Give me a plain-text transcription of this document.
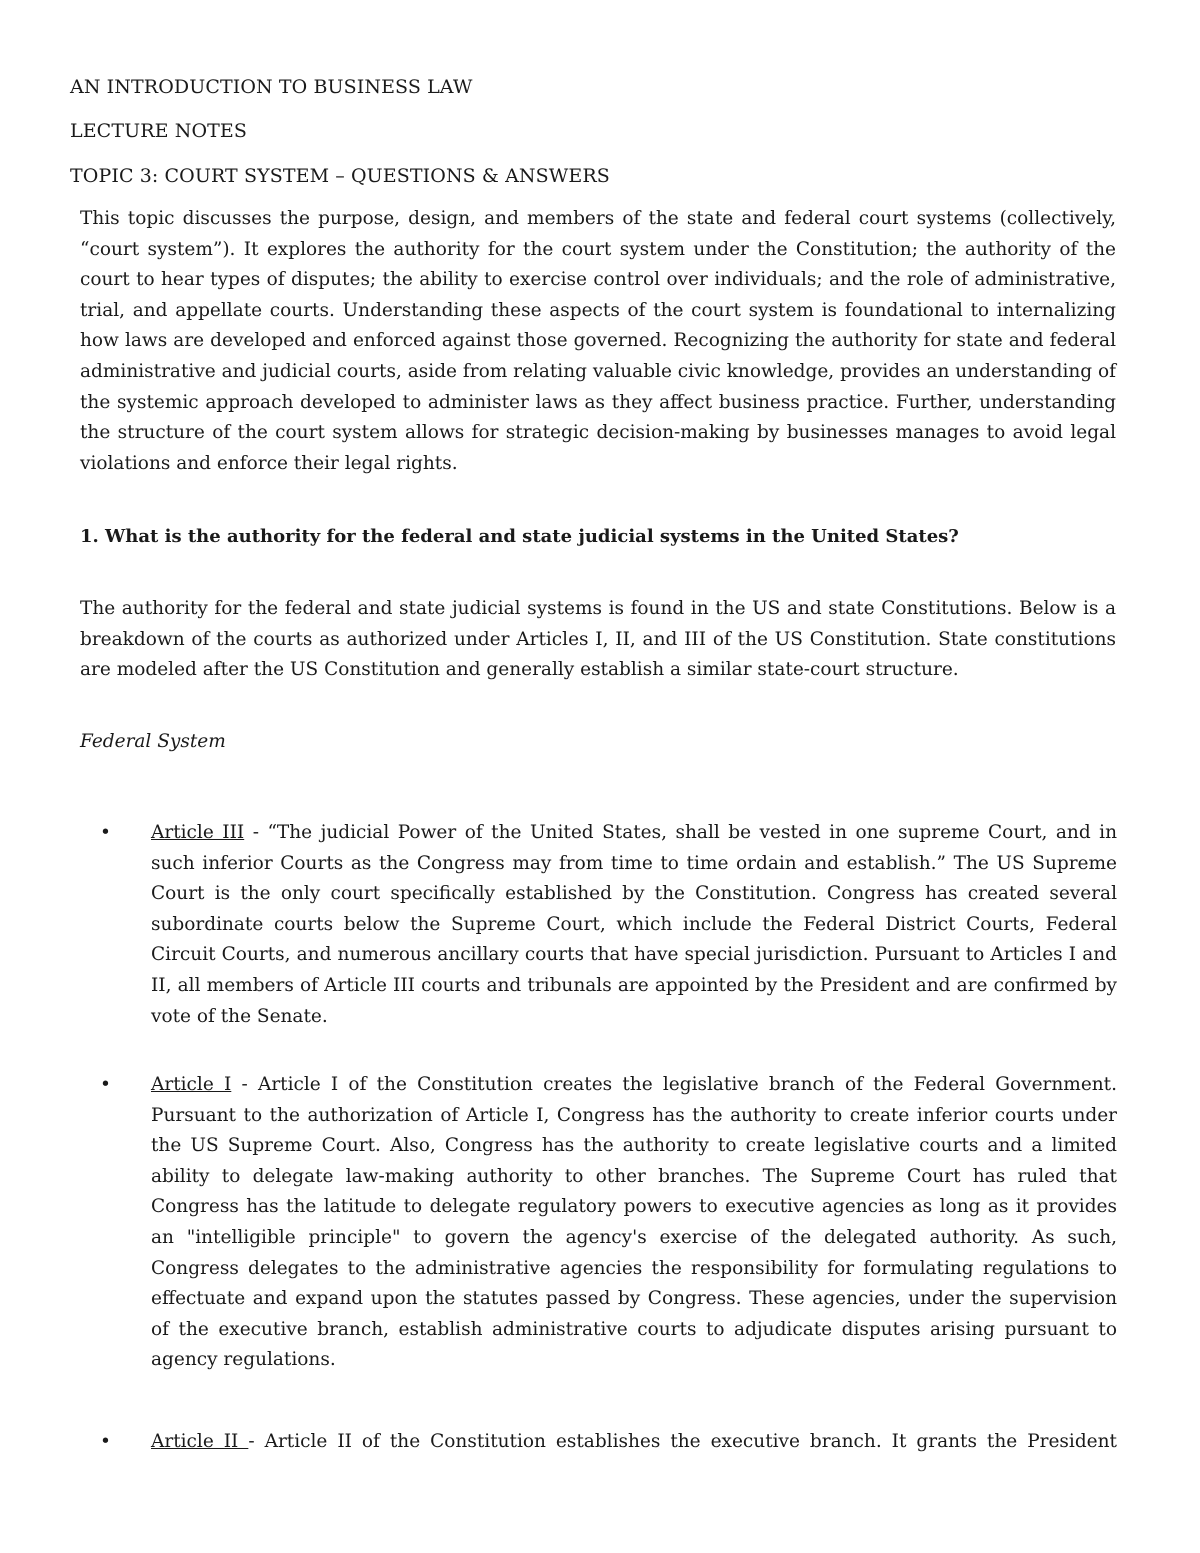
AN INTRODUCTION TO BUSINESS LAW
LECTURE NOTES
TOPIC 3: COURT SYSTEM – QUESTIONS & ANSWERS

This topic discusses the purpose, design, and members of the state and federal court systems (collectively, “court system”). It explores the authority for the court system under the Constitution; the authority of the court to hear types of disputes; the ability to exercise control over individuals; and the role of administrative, trial, and appellate courts. Understanding these aspects of the court system is foundational to internalizing how laws are developed and enforced against those governed. Recognizing the authority for state and federal administrative and judicial courts, aside from relating valuable civic knowledge, provides an understanding of the systemic approach developed to administer laws as they affect business practice. Further, understanding the structure of the court system allows for strategic decision-making by businesses manages to avoid legal violations and enforce their legal rights.

1. What is the authority for the federal and state judicial systems in the United States?

The authority for the federal and state judicial systems is found in the US and state Constitutions. Below is a breakdown of the courts as authorized under Articles I, II, and III of the US Constitution. State constitutions are modeled after the US Constitution and generally establish a similar state-court structure.

Federal System

•	Article III - “The judicial Power of the United States, shall be vested in one supreme Court, and in such inferior Courts as the Congress may from time to time ordain and establish.” The US Supreme Court is the only court specifically established by the Constitution. Congress has created several subordinate courts below the Supreme Court, which include the Federal District Courts, Federal Circuit Courts, and numerous ancillary courts that have special jurisdiction. Pursuant to Articles I and II, all members of Article III courts and tribunals are appointed by the President and are confirmed by vote of the Senate.

•	Article I - Article I of the Constitution creates the legislative branch of the Federal Government. Pursuant to the authorization of Article I, Congress has the authority to create inferior courts under the US Supreme Court. Also, Congress has the authority to create legislative courts and a limited ability to delegate law-making authority to other branches. The Supreme Court has ruled that Congress has the latitude to delegate regulatory powers to executive agencies as long as it provides an "intelligible principle" to govern the agency's exercise of the delegated authority. As such, Congress delegates to the administrative agencies the responsibility for formulating regulations to effectuate and expand upon the statutes passed by Congress. These agencies, under the supervision of the executive branch, establish administrative courts to adjudicate disputes arising pursuant to agency regulations.

•	Article II - Article II of the Constitution establishes the executive branch. It grants the President
